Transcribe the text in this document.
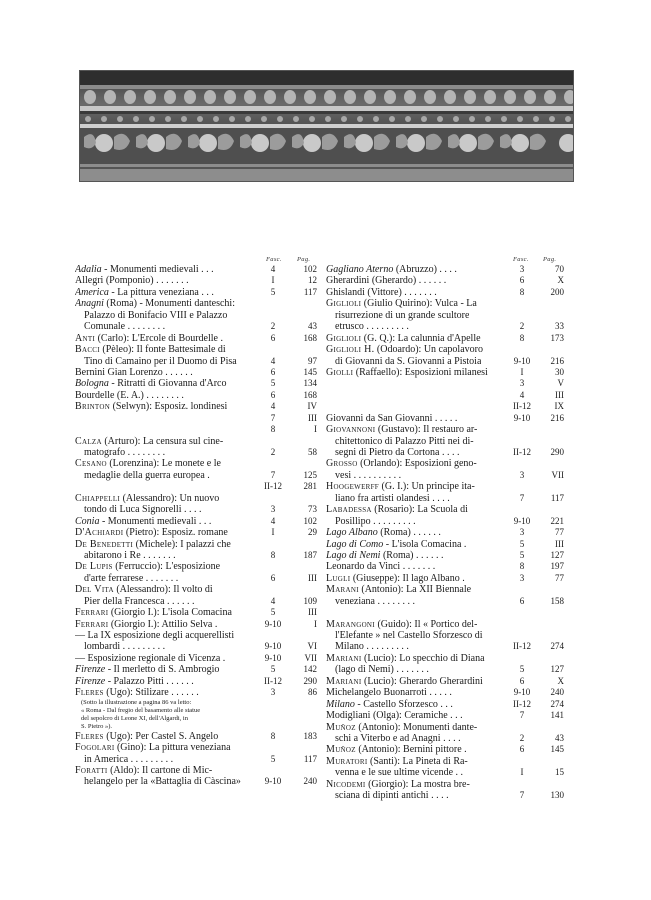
Fasc. Pag.	Fasc. Pag.
Adalia - Monumenti medievali . . .	4	102
Allegri (Pomponio) . . . . . . .	I	12
America - La pittura veneziana . . .	5	117
Anagni (Roma) - Monumenti danteschi:
Palazzo di Bonifacio VIII e Palazzo
Comunale . . . . . . . .	2	43
Anti (Carlo): L'Ercole di Bourdelle .	6	168
Bacci (Pèleo): Il fonte Battesimale di
Tino di Camaino per il Duomo di Pisa	4	97
Bernini Gian Lorenzo . . . . . .	6	145
Bologna - Ritratti di Giovanna d'Arco	5	134
Bourdelle (E. A.) . . . . . . . .	6	168
Brinton (Selwyn): Esposiz. londinesi	4	IV
7	III
8	I
Calza (Arturo): La censura sul cine-
matografo . . . . . . . .	2	58
Cesano (Lorenzina): Le monete e le
medaglie della guerra europea .	7	125
II-12	281
Chiappelli (Alessandro): Un nuovo
tondo di Luca Signorelli . . . .	3	73
Conia - Monumenti medievali . . .	4	102
D'Achiardi (Pietro): Esposiz. romane	I	29
De Benedetti (Michele): I palazzi che
abitarono i Re . . . . . . .	8	187
De Lupis (Ferruccio): L'esposizione
d'arte ferrarese . . . . . . .	6	III
Del Vita (Alessandro): Il volto di
Pier della Francesca . . . . . .	4	109
Ferrari (Giorgio I.): L'isola Comacina	5	III
Ferrari (Giorgio I.): Attilio Selva .	9-10	I
— La IX esposizione degli acquerellisti
lombardi . . . . . . . . .	9-10	VI
— Esposizione regionale di Vicenza .	9-10	VII
Firenze - Il merletto di S. Ambrogio	5	142
Firenze - Palazzo Pitti . . . . . .	II-12	290
Fleres (Ugo): Stilizare . . . . . .	3	86
(Sotto la illustrazione a pagina 86 va letto:
« Roma - Dal fregio del basamento alle statue
del sepolcro di Leone XI, dell'Algardi, in
S. Pietro »).
Fleres (Ugo): Per Castel S. Angelo	8	183
Fogolari (Gino): La pittura veneziana
in America . . . . . . . . .	5	117
Foratti (Aldo): Il cartone di Mic-
helangelo per la «Battaglia di Càscina»	9-10	240
Gagliano Aterno (Abruzzo) . . . .	3	70
Gherardini (Gherardo) . . . . . .	6	X
Ghislandi (Vittore) . . . . . . .	8	200
Giglioli (Giulio Quirino): Vulca - La
risurrezione di un grande scultore
etrusco . . . . . . . . .	2	33
Giglioli (G. Q.): La calunnia d'Apelle	8	173
Giglioli H. (Odoardo): Un capolavoro
di Giovanni da S. Giovanni a Pistoia	9-10	216
Giolli (Raffaello): Esposizioni milanesi	I	30
3	V
4	III
II-12	IX
Giovanni da San Giovanni . . . . .	9-10	216
Giovannoni (Gustavo): Il restauro ar-
chitettonico di Palazzo Pitti nei di-
segni di Pietro da Cortona . . . .	II-12	290
Grosso (Orlando): Esposizioni geno-
vesi . . . . . . . . . .	3	VII
Hoogewerff (G. I.): Un principe ita-
liano fra artisti olandesi . . . .	7	117
Labadessa (Rosario): La Scuola di
Posillipo . . . . . . . . .	9-10	221
Lago Albano (Roma) . . . . . .	3	77
Lago di Como - L'isola Comacina .	5	III
Lago di Nemi (Roma) . . . . . .	5	127
Leonardo da Vinci . . . . . . .	8	197
Lugli (Giuseppe): Il lago Albano .	3	77
Marani (Antonio): La XII Biennale
veneziana . . . . . . . .	6	158
Marangoni (Guido): Il « Portico del-
l'Elefante » nel Castello Sforzesco di
Milano . . . . . . . . .	II-12	274
Mariani (Lucio): Lo specchio di Diana
(lago di Nemi) . . . . . . .	5	127
Mariani (Lucio): Gherardo Gherardini	6	X
Michelangelo Buonarroti . . . . .	9-10	240
Milano - Castello Sforzesco . . .	II-12	274
Modigliani (Olga): Ceramiche . . .	7	141
Muñoz (Antonio): Monumenti dante-
schi a Viterbo e ad Anagni . . . .	2	43
Muñoz (Antonio): Bernini pittore .	6	145
Muratori (Santi): La Pineta di Ra-
venna e le sue ultime vicende . .	I	15
Nicodemi (Giorgio): La mostra bre-
sciana di dipinti antichi . . . .	7	130
